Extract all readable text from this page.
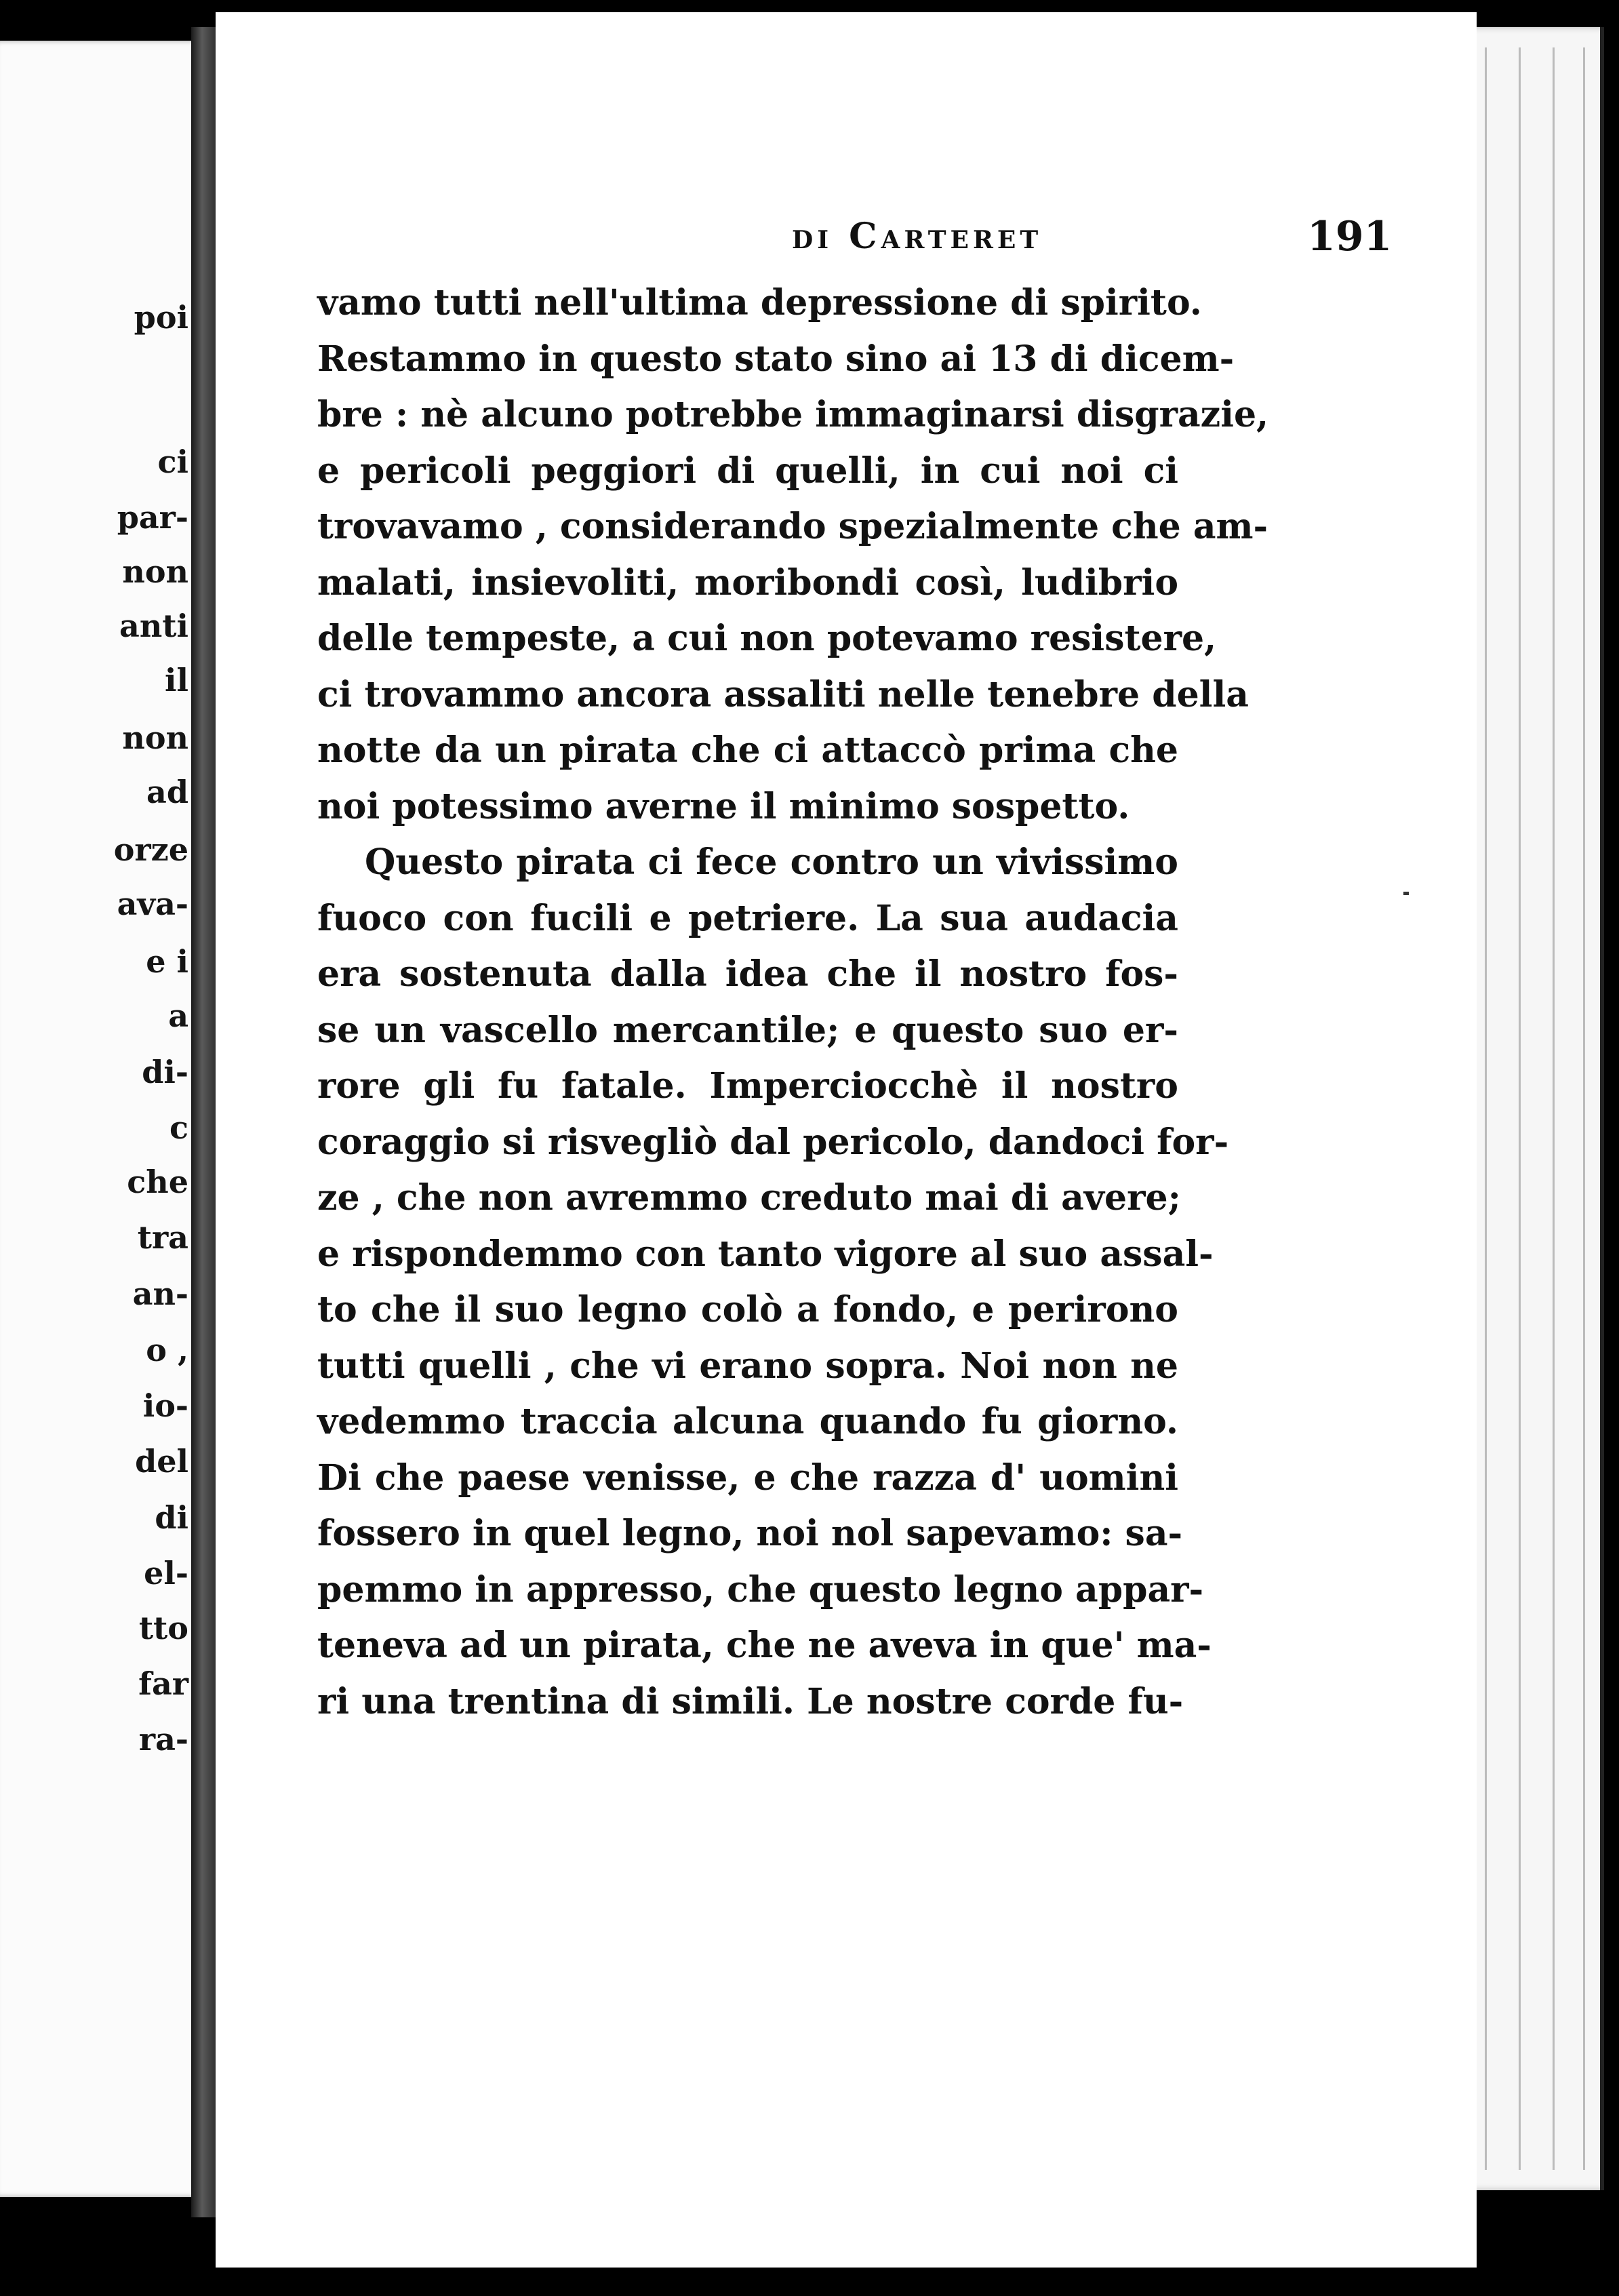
poi
ci
par-
non
anti
il
non
ad
orze
ava-
e i
a
di-
c
che
tra
an-
o ,
io-
del
di
el-
tto
far
ra-
di Carteret	191
vamo tutti nell'ultima depressione di spirito.
Restammo in questo stato sino ai 13 di dicem-
bre : nè alcuno potrebbe immaginarsi disgrazie,
e pericoli peggiori di quelli, in cui noi ci
trovavamo , considerando spezialmente che am-
malati, insievoliti, moribondi così, ludibrio
delle tempeste, a cui non potevamo resistere,
ci trovammo ancora assaliti nelle tenebre della
notte da un pirata che ci attaccò prima che
noi potessimo averne il minimo sospetto.
Questo pirata ci fece contro un vivissimo
fuoco con fucili e petriere. La sua audacia
era sostenuta dalla idea che il nostro fos-
se un vascello mercantile; e questo suo er-
rore gli fu fatale. Imperciocchè il nostro
coraggio si risvegliò dal pericolo, dandoci for-
ze , che non avremmo creduto mai di avere;
e rispondemmo con tanto vigore al suo assal-
to che il suo legno colò a fondo, e perirono
tutti quelli , che vi erano sopra. Noi non ne
vedemmo traccia alcuna quando fu giorno.
Di che paese venisse, e che razza d' uomini
fossero in quel legno, noi nol sapevamo: sa-
pemmo in appresso, che questo legno appar-
teneva ad un pirata, che ne aveva in que' ma-
ri una trentina di simili. Le nostre corde fu-
